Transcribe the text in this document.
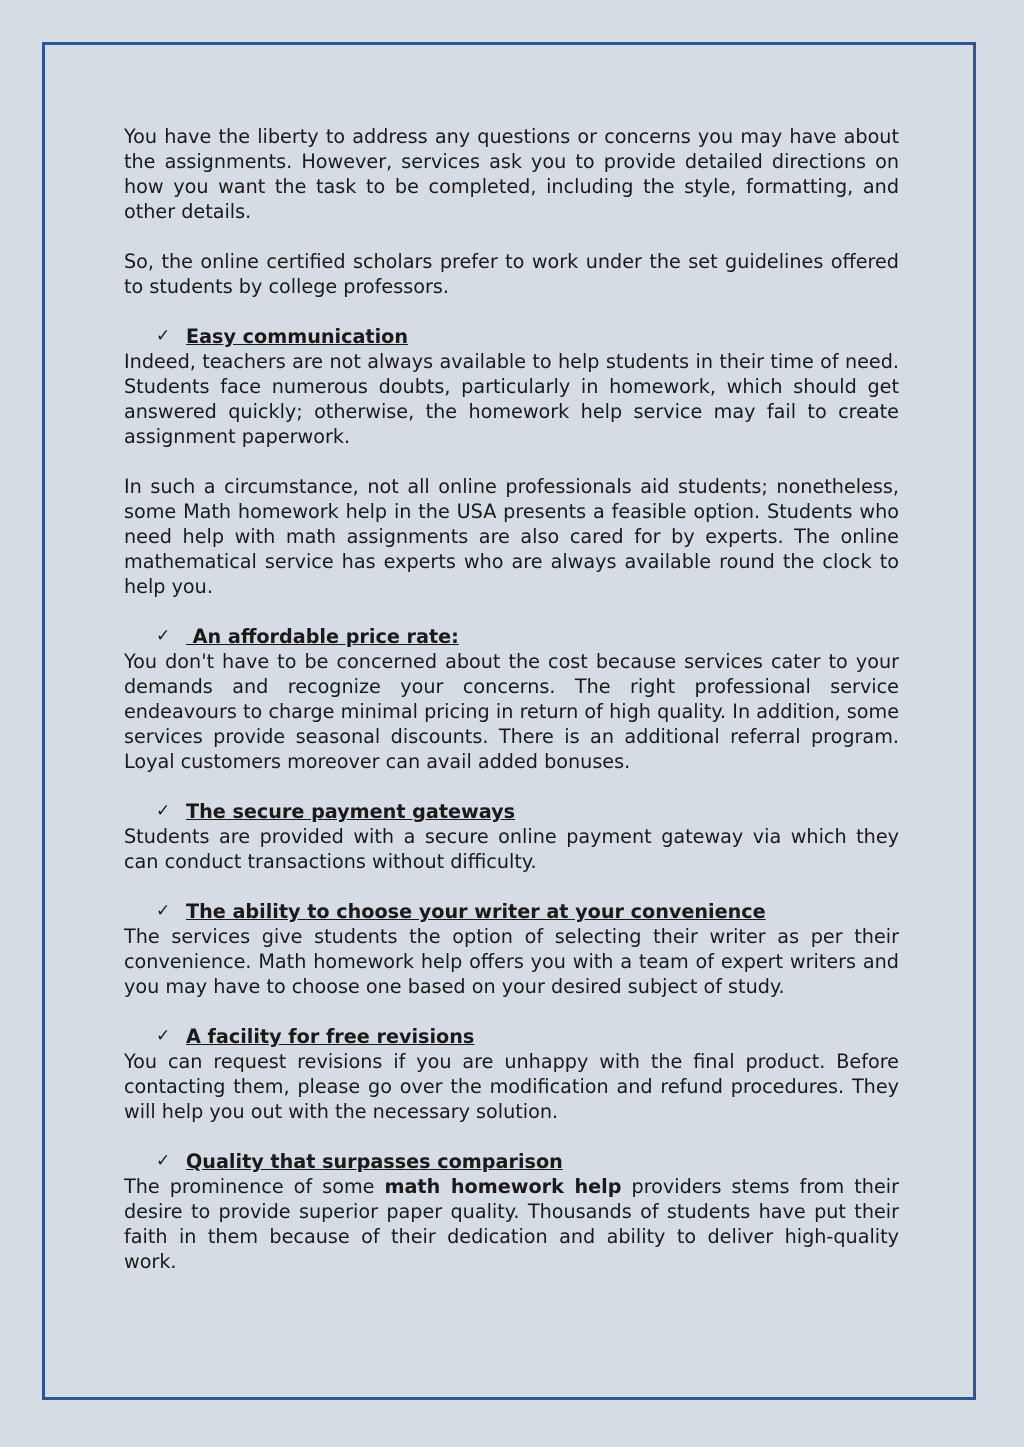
You have the liberty to address any questions or concerns you may have about the assignments. However, services ask you to provide detailed directions on how you want the task to be completed, including the style, formatting, and other details.

So, the online certified scholars prefer to work under the set guidelines offered to students by college professors.

✓ Easy communication

Indeed, teachers are not always available to help students in their time of need. Students face numerous doubts, particularly in homework, which should get answered quickly; otherwise, the homework help service may fail to create assignment paperwork.

In such a circumstance, not all online professionals aid students; nonetheless, some Math homework help in the USA presents a feasible option. Students who need help with math assignments are also cared for by experts. The online mathematical service has experts who are always available round the clock to help you.

✓ An affordable price rate:

You don't have to be concerned about the cost because services cater to your demands and recognize your concerns. The right professional service endeavours to charge minimal pricing in return of high quality. In addition, some services provide seasonal discounts. There is an additional referral program. Loyal customers moreover can avail added bonuses.

✓ The secure payment gateways

Students are provided with a secure online payment gateway via which they can conduct transactions without difficulty.

✓ The ability to choose your writer at your convenience

The services give students the option of selecting their writer as per their convenience. Math homework help offers you with a team of expert writers and you may have to choose one based on your desired subject of study.

✓ A facility for free revisions

You can request revisions if you are unhappy with the final product. Before contacting them, please go over the modification and refund procedures. They will help you out with the necessary solution.

✓ Quality that surpasses comparison

The prominence of some math homework help providers stems from their desire to provide superior paper quality. Thousands of students have put their faith in them because of their dedication and ability to deliver high-quality work.
